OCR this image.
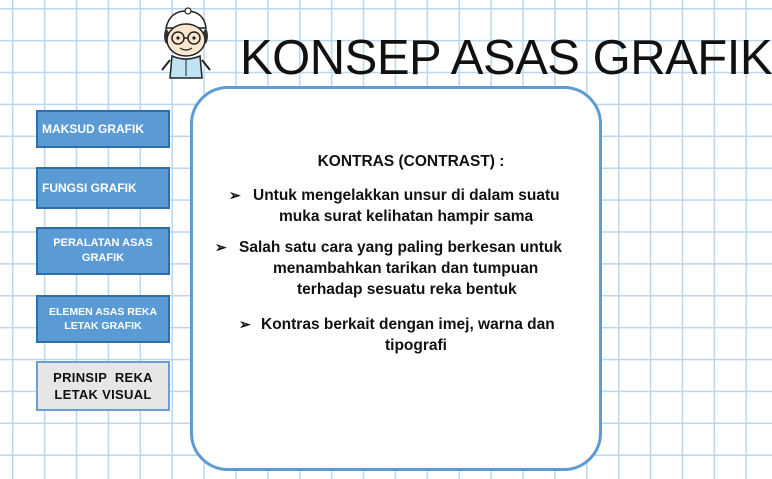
KONSEP ASAS GRAFIK
MAKSUD GRAFIK
FUNGSI GRAFIK
PERALATAN ASAS
GRAFIK
ELEMEN ASAS REKA
LETAK GRAFIK
PRINSIP  REKA
LETAK VISUAL
KONTRAS (CONTRAST) :
➢ Untuk mengelakkan unsur di dalam suatu
muka surat kelihatan hampir sama
➢ Salah satu cara yang paling berkesan untuk
menambahkan tarikan dan tumpuan
terhadap sesuatu reka bentuk
➢ Kontras berkait dengan imej, warna dan
tipografi
